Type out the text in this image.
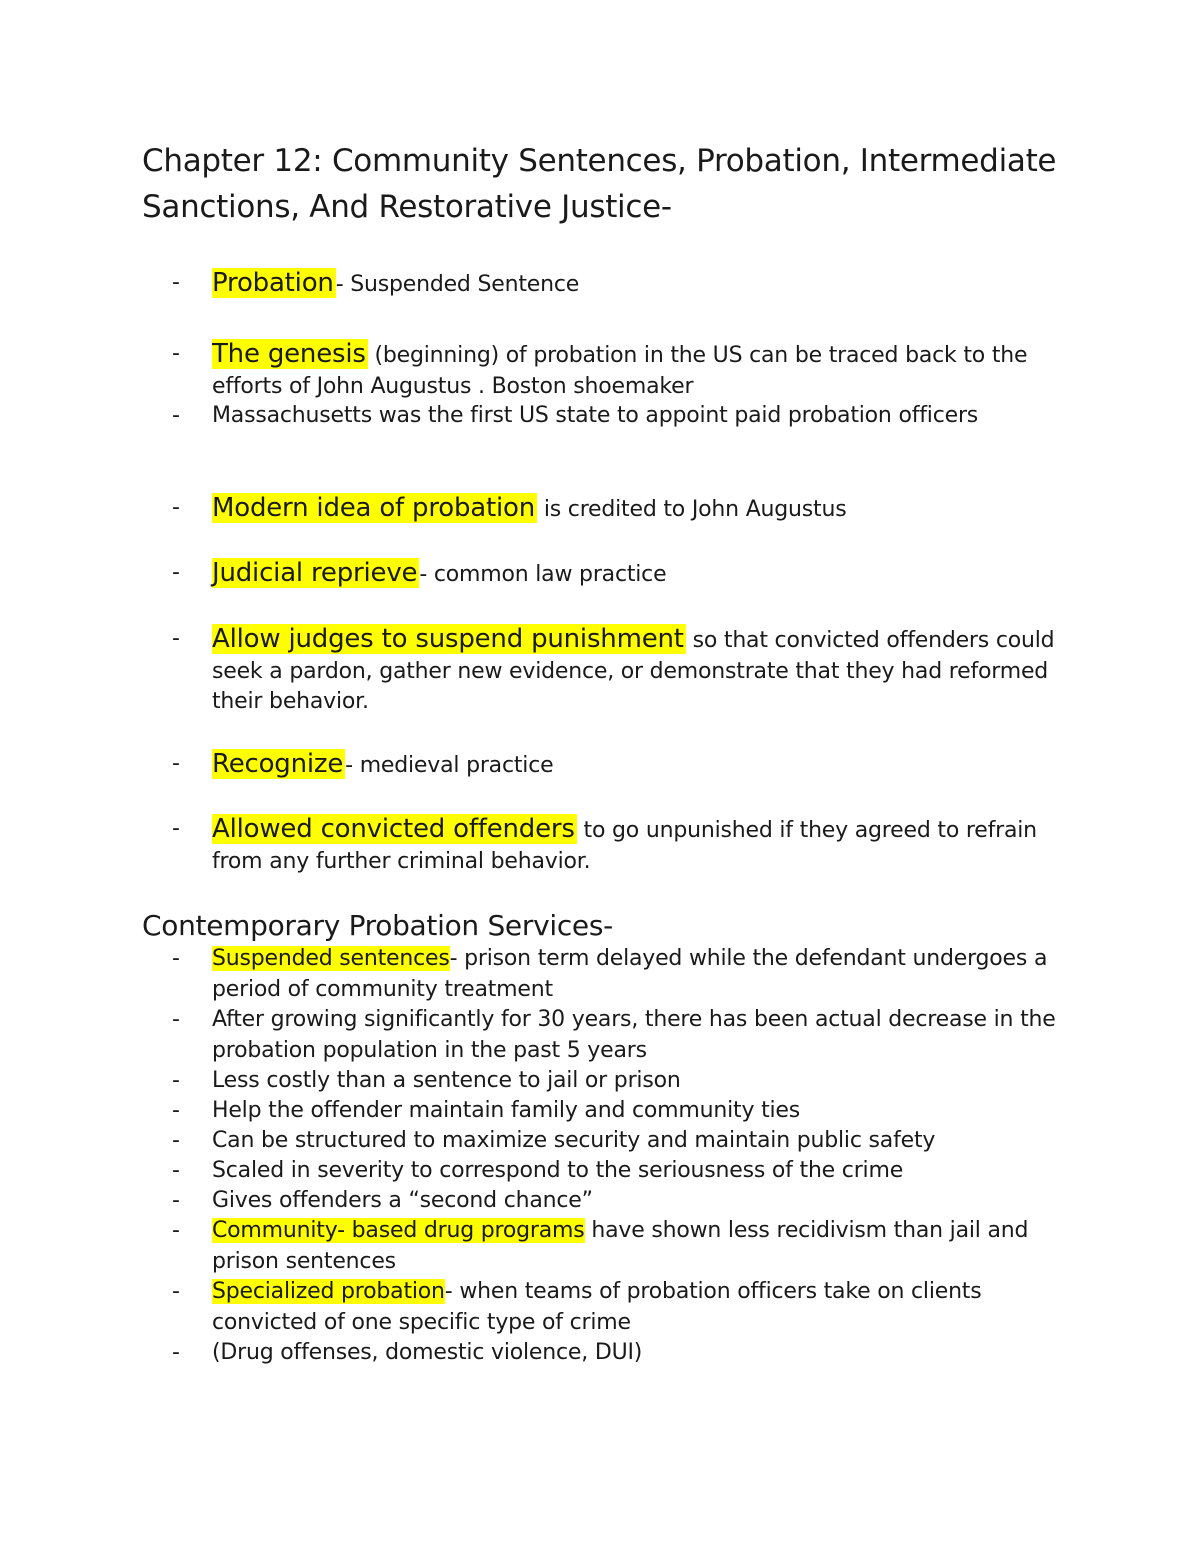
Chapter 12: Community Sentences, Probation, Intermediate Sanctions, And Restorative Justice-
- Probation- Suspended Sentence
- The genesis (beginning) of probation in the US can be traced back to the efforts of John Augustus . Boston shoemaker
- Massachusetts was the first US state to appoint paid probation officers
- Modern idea of probation is credited to John Augustus
- Judicial reprieve- common law practice
- Allow judges to suspend punishment so that convicted offenders could seek a pardon, gather new evidence, or demonstrate that they had reformed their behavior.
- Recognize- medieval practice
- Allowed convicted offenders to go unpunished if they agreed to refrain from any further criminal behavior.
Contemporary Probation Services-
- Suspended sentences- prison term delayed while the defendant undergoes a period of community treatment
- After growing significantly for 30 years, there has been actual decrease in the probation population in the past 5 years
- Less costly than a sentence to jail or prison
- Help the offender maintain family and community ties
- Can be structured to maximize security and maintain public safety
- Scaled in severity to correspond to the seriousness of the crime
- Gives offenders a “second chance”
- Community- based drug programs have shown less recidivism than jail and prison sentences
- Specialized probation- when teams of probation officers take on clients convicted of one specific type of crime
- (Drug offenses, domestic violence, DUI)
